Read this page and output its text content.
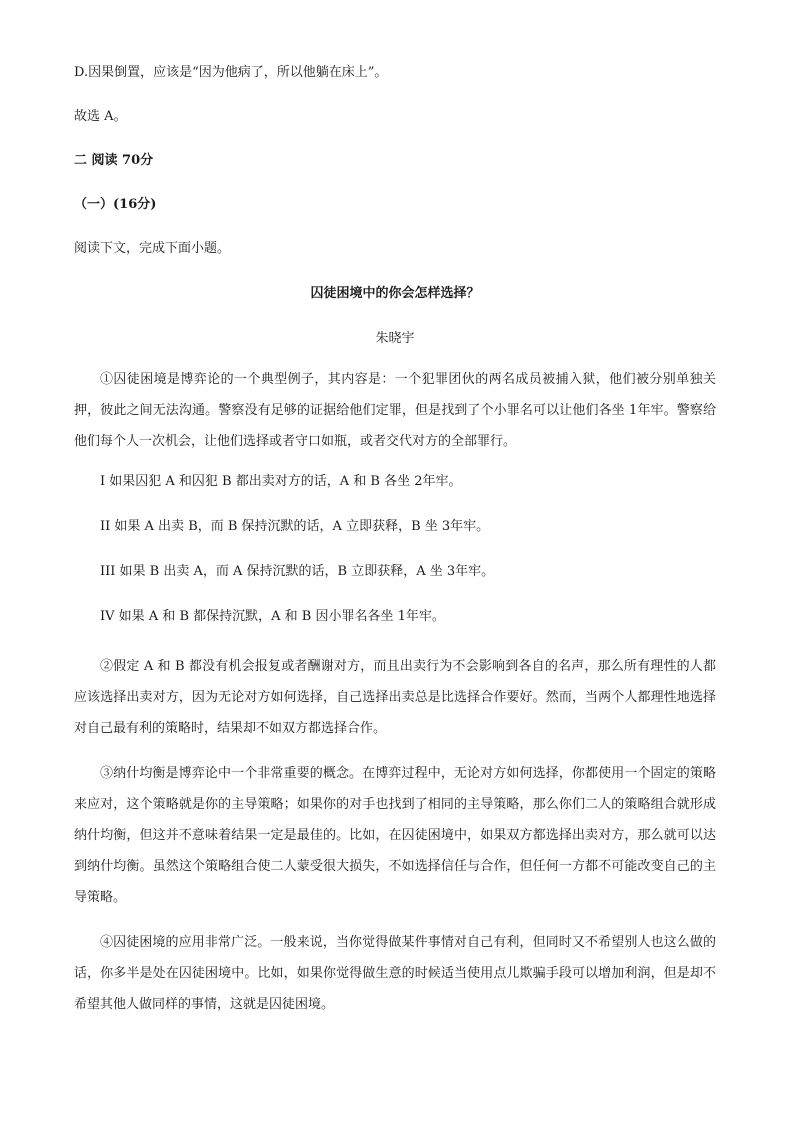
D.因果倒置，应该是“因为他病了，所以他躺在床上”。
故选 A。
二 阅读 70分
（一）(16分)
阅读下文，完成下面小题。
囚徒困境中的你会怎样选择？
朱晓宇

①囚徒困境是博弈论的一个典型例子，其内容是：一个犯罪团伙的两名成员被捕入狱，他们被分别单独关押，彼此之间无法沟通。警察没有足够的证据给他们定罪，但是找到了个小罪名可以让他们各坐 1年牢。警察给他们每个人一次机会，让他们选择或者守口如瓶，或者交代对方的全部罪行。

I 如果囚犯 A 和囚犯 B 都出卖对方的话，A 和 B 各坐 2年牢。
II 如果 A 出卖 B，而 B 保持沉默的话，A 立即获释，B 坐 3年牢。
III 如果 B 出卖 A，而 A 保持沉默的话，B 立即获释，A 坐 3年牢。
IV 如果 A 和 B 都保持沉默，A 和 B 因小罪名各坐 1年牢。

②假定 A 和 B 都没有机会报复或者酬谢对方，而且出卖行为不会影响到各自的名声，那么所有理性的人都应该选择出卖对方，因为无论对方如何选择，自己选择出卖总是比选择合作要好。然而，当两个人都理性地选择对自己最有利的策略时，结果却不如双方都选择合作。

③纳什均衡是博弈论中一个非常重要的概念。在博弈过程中，无论对方如何选择，你都使用一个固定的策略来应对，这个策略就是你的主导策略；如果你的对手也找到了相同的主导策略，那么你们二人的策略组合就形成纳什均衡，但这并不意味着结果一定是最佳的。比如，在囚徒困境中，如果双方都选择出卖对方，那么就可以达到纳什均衡。虽然这个策略组合使二人蒙受很大损失，不如选择信任与合作，但任何一方都不可能改变自己的主导策略。

④囚徒困境的应用非常广泛。一般来说，当你觉得做某件事情对自己有利，但同时又不希望别人也这么做的话，你多半是处在囚徒困境中。比如，如果你觉得做生意的时候适当使用点儿欺骗手段可以增加利润，但是却不希望其他人做同样的事情，这就是囚徒困境。
